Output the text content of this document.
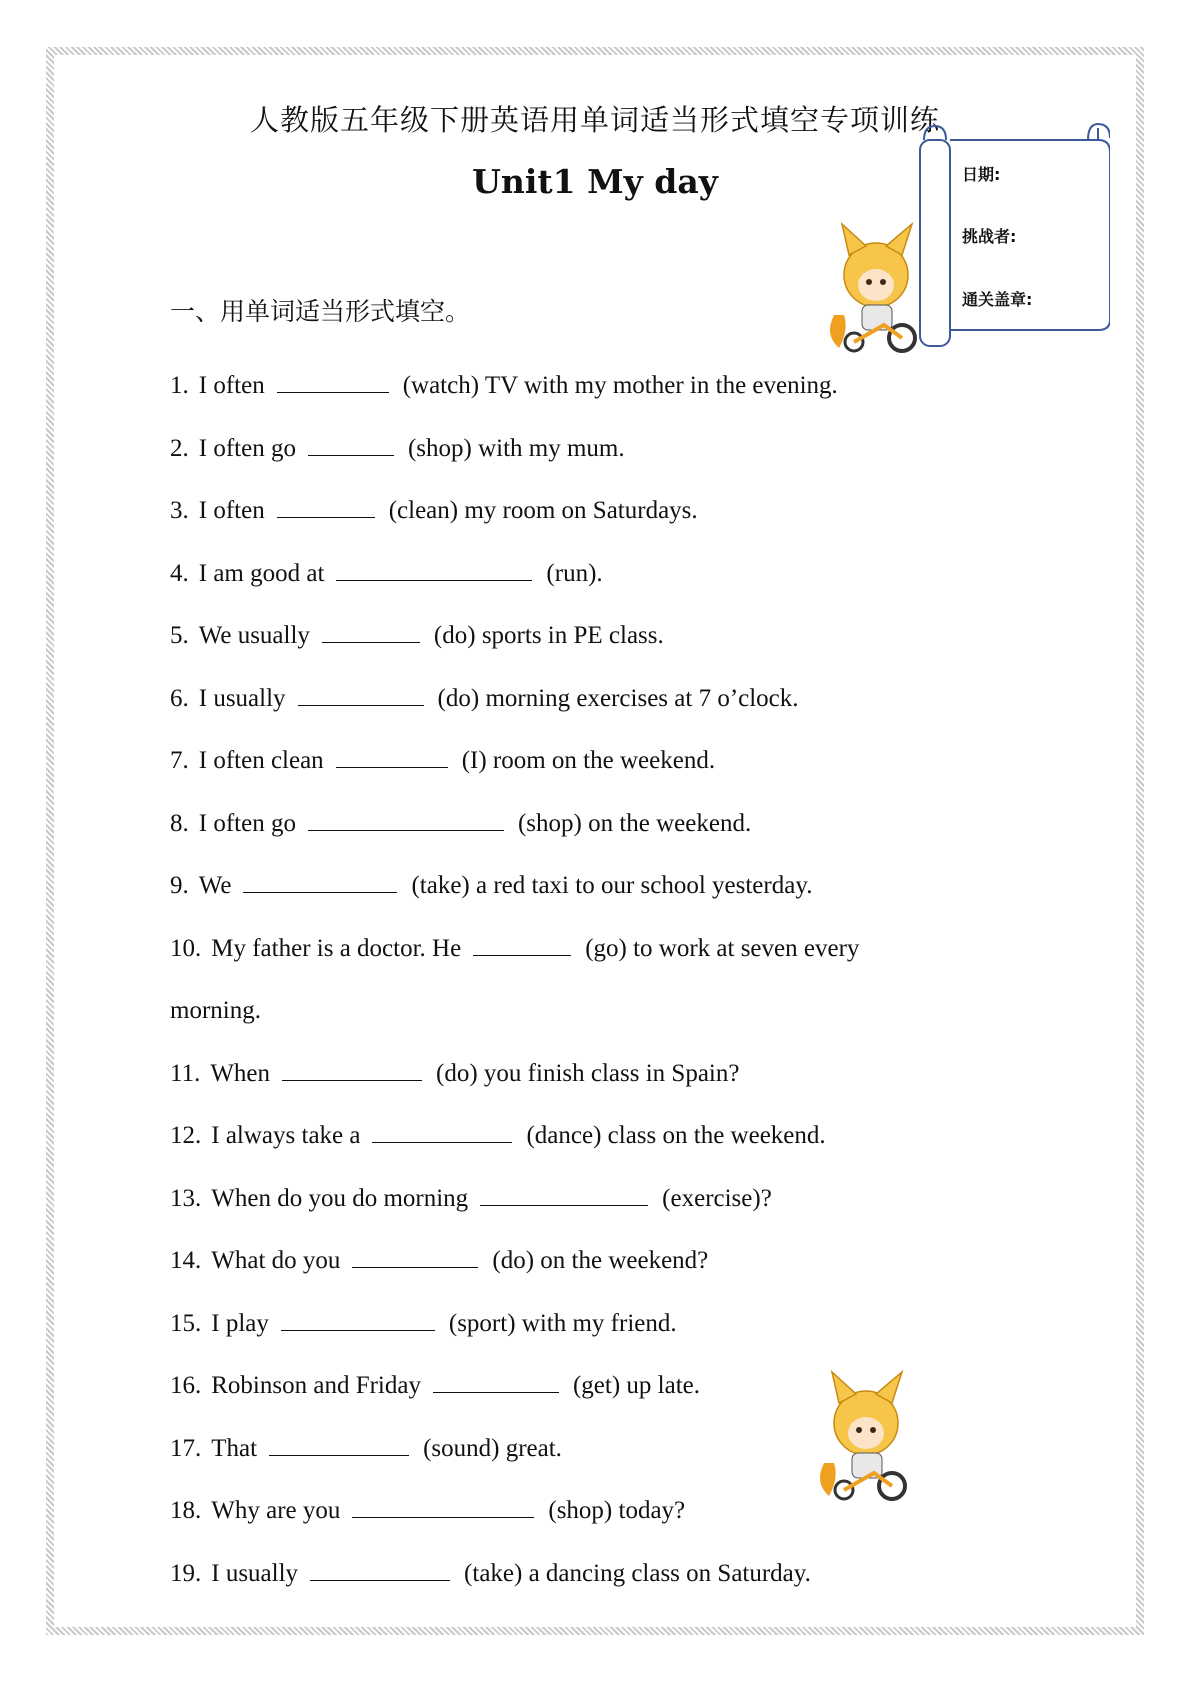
人教版五年级下册英语用单词适当形式填空专项训练
Unit1 My day	日期:
挑战者:
通关盖章:
一、用单词适当形式填空。
1. I often	(watch) TV with my mother in the evening.
2. I often go	(shop) with my mum.
3. I often	(clean) my room on Saturdays.
4. I am good at	(run).
5. We usually	(do) sports in PE class.
6. I usually	(do) morning exercises at 7 o’clock.
7. I often clean	(I) room on the weekend.
8. I often go	(shop) on the weekend.
9. We	(take) a red taxi to our school yesterday.
10. My father is a doctor. He	(go) to work at seven every
morning.
11. When	(do) you finish class in Spain?
12. I always take a	(dance) class on the weekend.
13. When do you do morning	(exercise)?
14. What do you	(do) on the weekend?
15. I play	(sport) with my friend.
16. Robinson and Friday	(get) up late.
17. That	(sound) great.
18. Why are you	(shop) today?
19. I usually	(take) a dancing class on Saturday.
